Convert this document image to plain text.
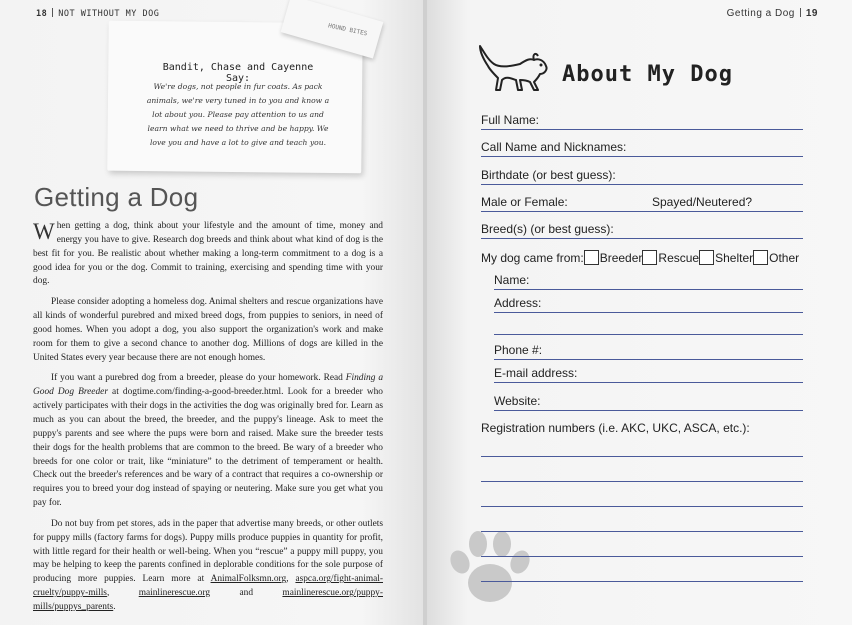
18 NOT WITHOUT MY DOG
HOUND BITES
Bandit, Chase and Cayenne Say:
We're dogs, not people in fur coats. As pack animals, we're very tuned in to you and know a lot about you. Please pay attention to us and learn what we need to thrive and be happy. We love you and have a lot to give and teach you.
Getting a Dog

When getting a dog, think about your lifestyle and the amount of time, money and energy you have to give. Research dog breeds and think about what kind of dog is the best fit for you. Be realistic about whether making a long-term commitment to a dog is a good idea for you or the dog. Commit to training, exercising and spending time with your dog.

Please consider adopting a homeless dog. Animal shelters and rescue organizations have all kinds of wonderful purebred and mixed breed dogs, from puppies to seniors, in need of good homes. When you adopt a dog, you also support the organization's work and make room for them to give a second chance to another dog. Millions of dogs are killed in the United States every year because there are not enough homes.

If you want a purebred dog from a breeder, please do your homework. Read Finding a Good Dog Breeder at dogtime.com/finding-a-good-breeder.html. Look for a breeder who actively participates with their dogs in the activities the dog was originally bred for. Learn as much as you can about the breed, the breeder, and the puppy's lineage. Ask to meet the puppy's parents and see where the pups were born and raised. Make sure the breeder tests their dogs for the health problems that are common to the breed. Be wary of a breeder who breeds for one color or trait, like “miniature” to the detriment of temperament or health. Check out the breeder's references and be wary of a contract that requires a co-ownership or requires you to breed your dog instead of spaying or neutering. Make sure you get what you pay for.

Do not buy from pet stores, ads in the paper that advertise many breeds, or other outlets for puppy mills (factory farms for dogs). Puppy mills produce puppies in quantity for profit, with little regard for their health or well-being. When you “rescue” a puppy mill puppy, you may be helping to keep the parents confined in deplorable conditions for the sole purpose of producing more puppies. Learn more at AnimalFolksmn.org, aspca.org/fight-animal-cruelty/puppy-mills, mainlinerescue.org and mainlinerescue.org/puppy-mills/puppys_parents.

Getting a Dog 19
About My Dog
Full Name:
Call Name and Nicknames:
Birthdate (or best guess):
Male or Female:	Spayed/Neutered?
Breed(s) (or best guess):
My dog came from: Breeder Rescue Shelter Other
Name:
Address:
Phone #:
E-mail address:
Website:
Registration numbers (i.e. AKC, UKC, ASCA, etc.):
